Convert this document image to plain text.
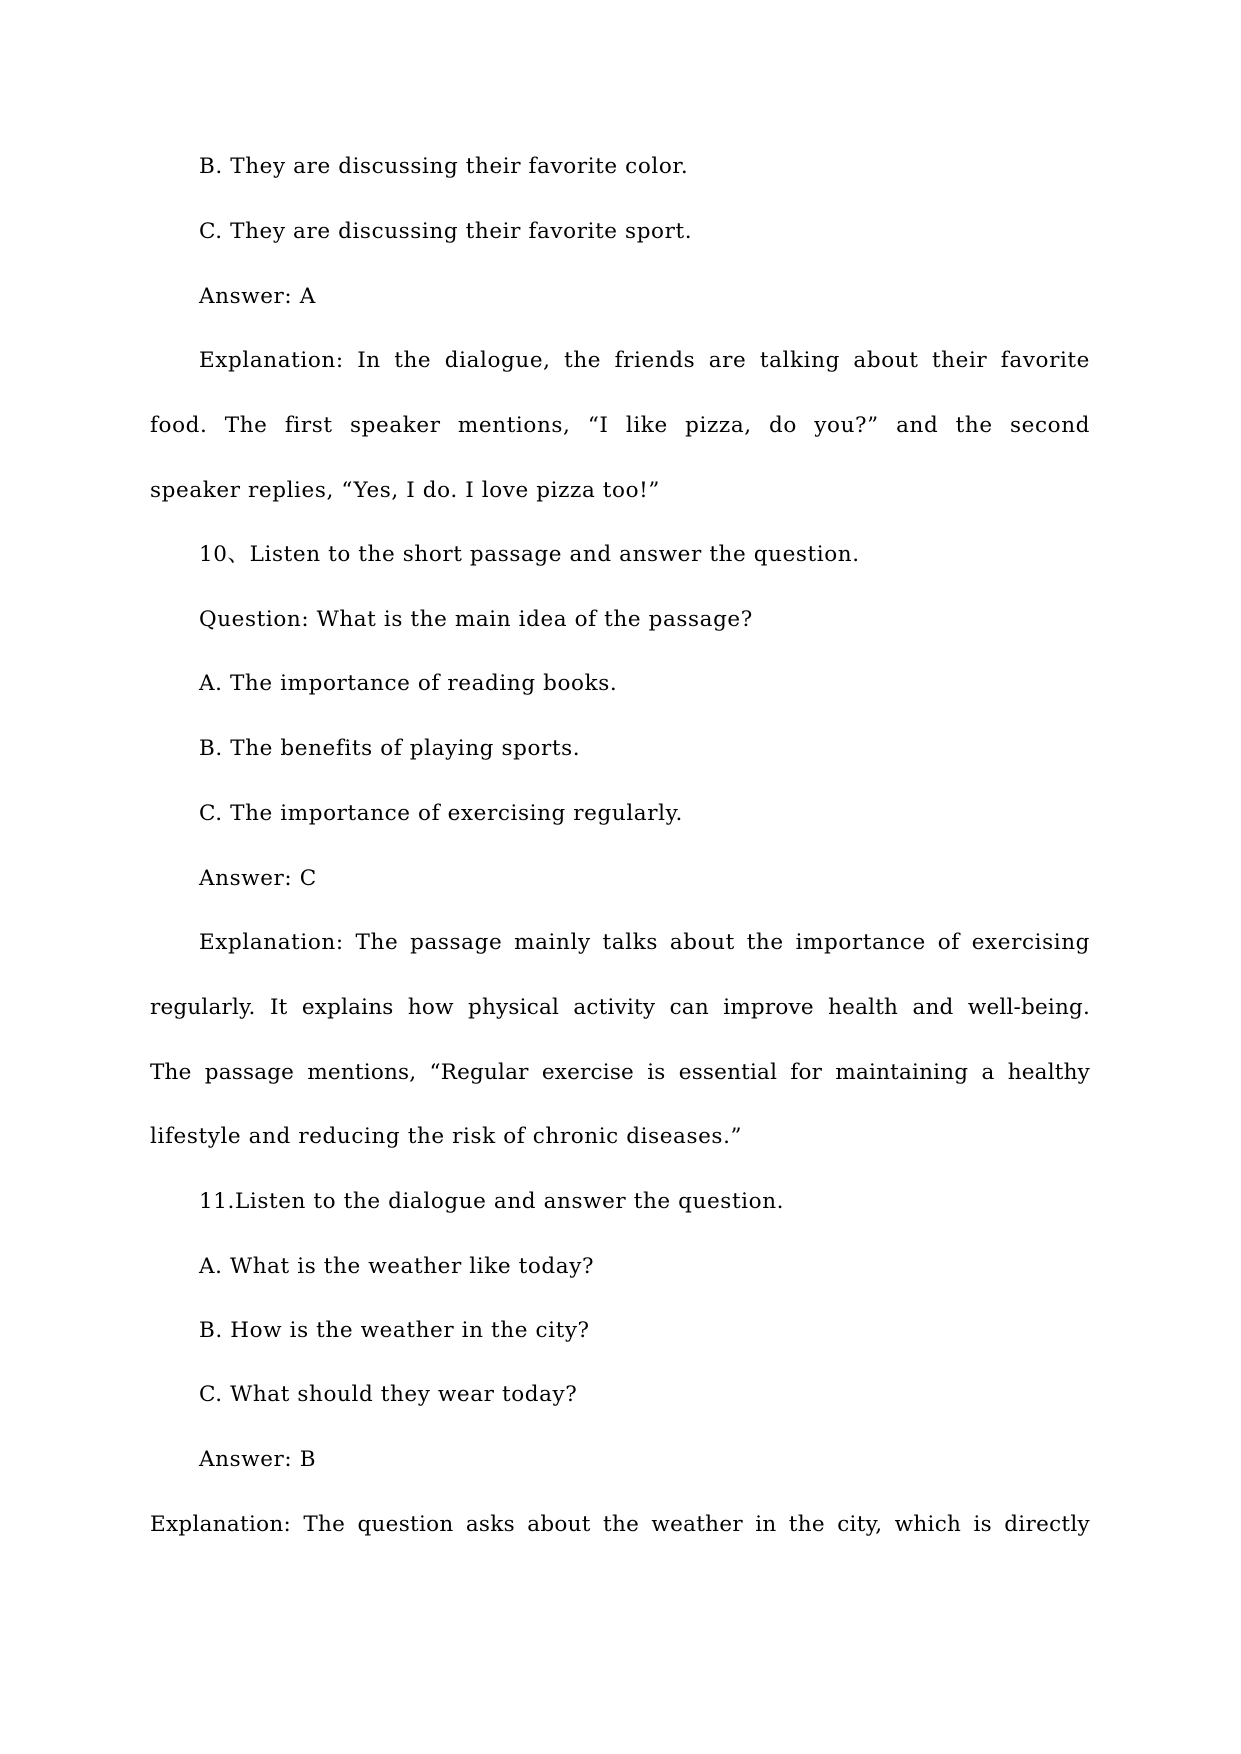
B. They are discussing their favorite color.
C. They are discussing their favorite sport.
Answer: A
Explanation: In the dialogue, the friends are talking about their favorite
food. The first speaker mentions, “I like pizza, do you?” and the second
speaker replies, “Yes, I do. I love pizza too!”
10、Listen to the short passage and answer the question.
Question: What is the main idea of the passage?
A. The importance of reading books.
B. The benefits of playing sports.
C. The importance of exercising regularly.
Answer: C
Explanation: The passage mainly talks about the importance of exercising
regularly. It explains how physical activity can improve health and well-being.
The passage mentions, “Regular exercise is essential for maintaining a healthy
lifestyle and reducing the risk of chronic diseases.”
11.Listen to the dialogue and answer the question.
A. What is the weather like today?
B. How is the weather in the city?
C. What should they wear today?
Answer: B
Explanation: The question asks about the weather in the city, which is directly
